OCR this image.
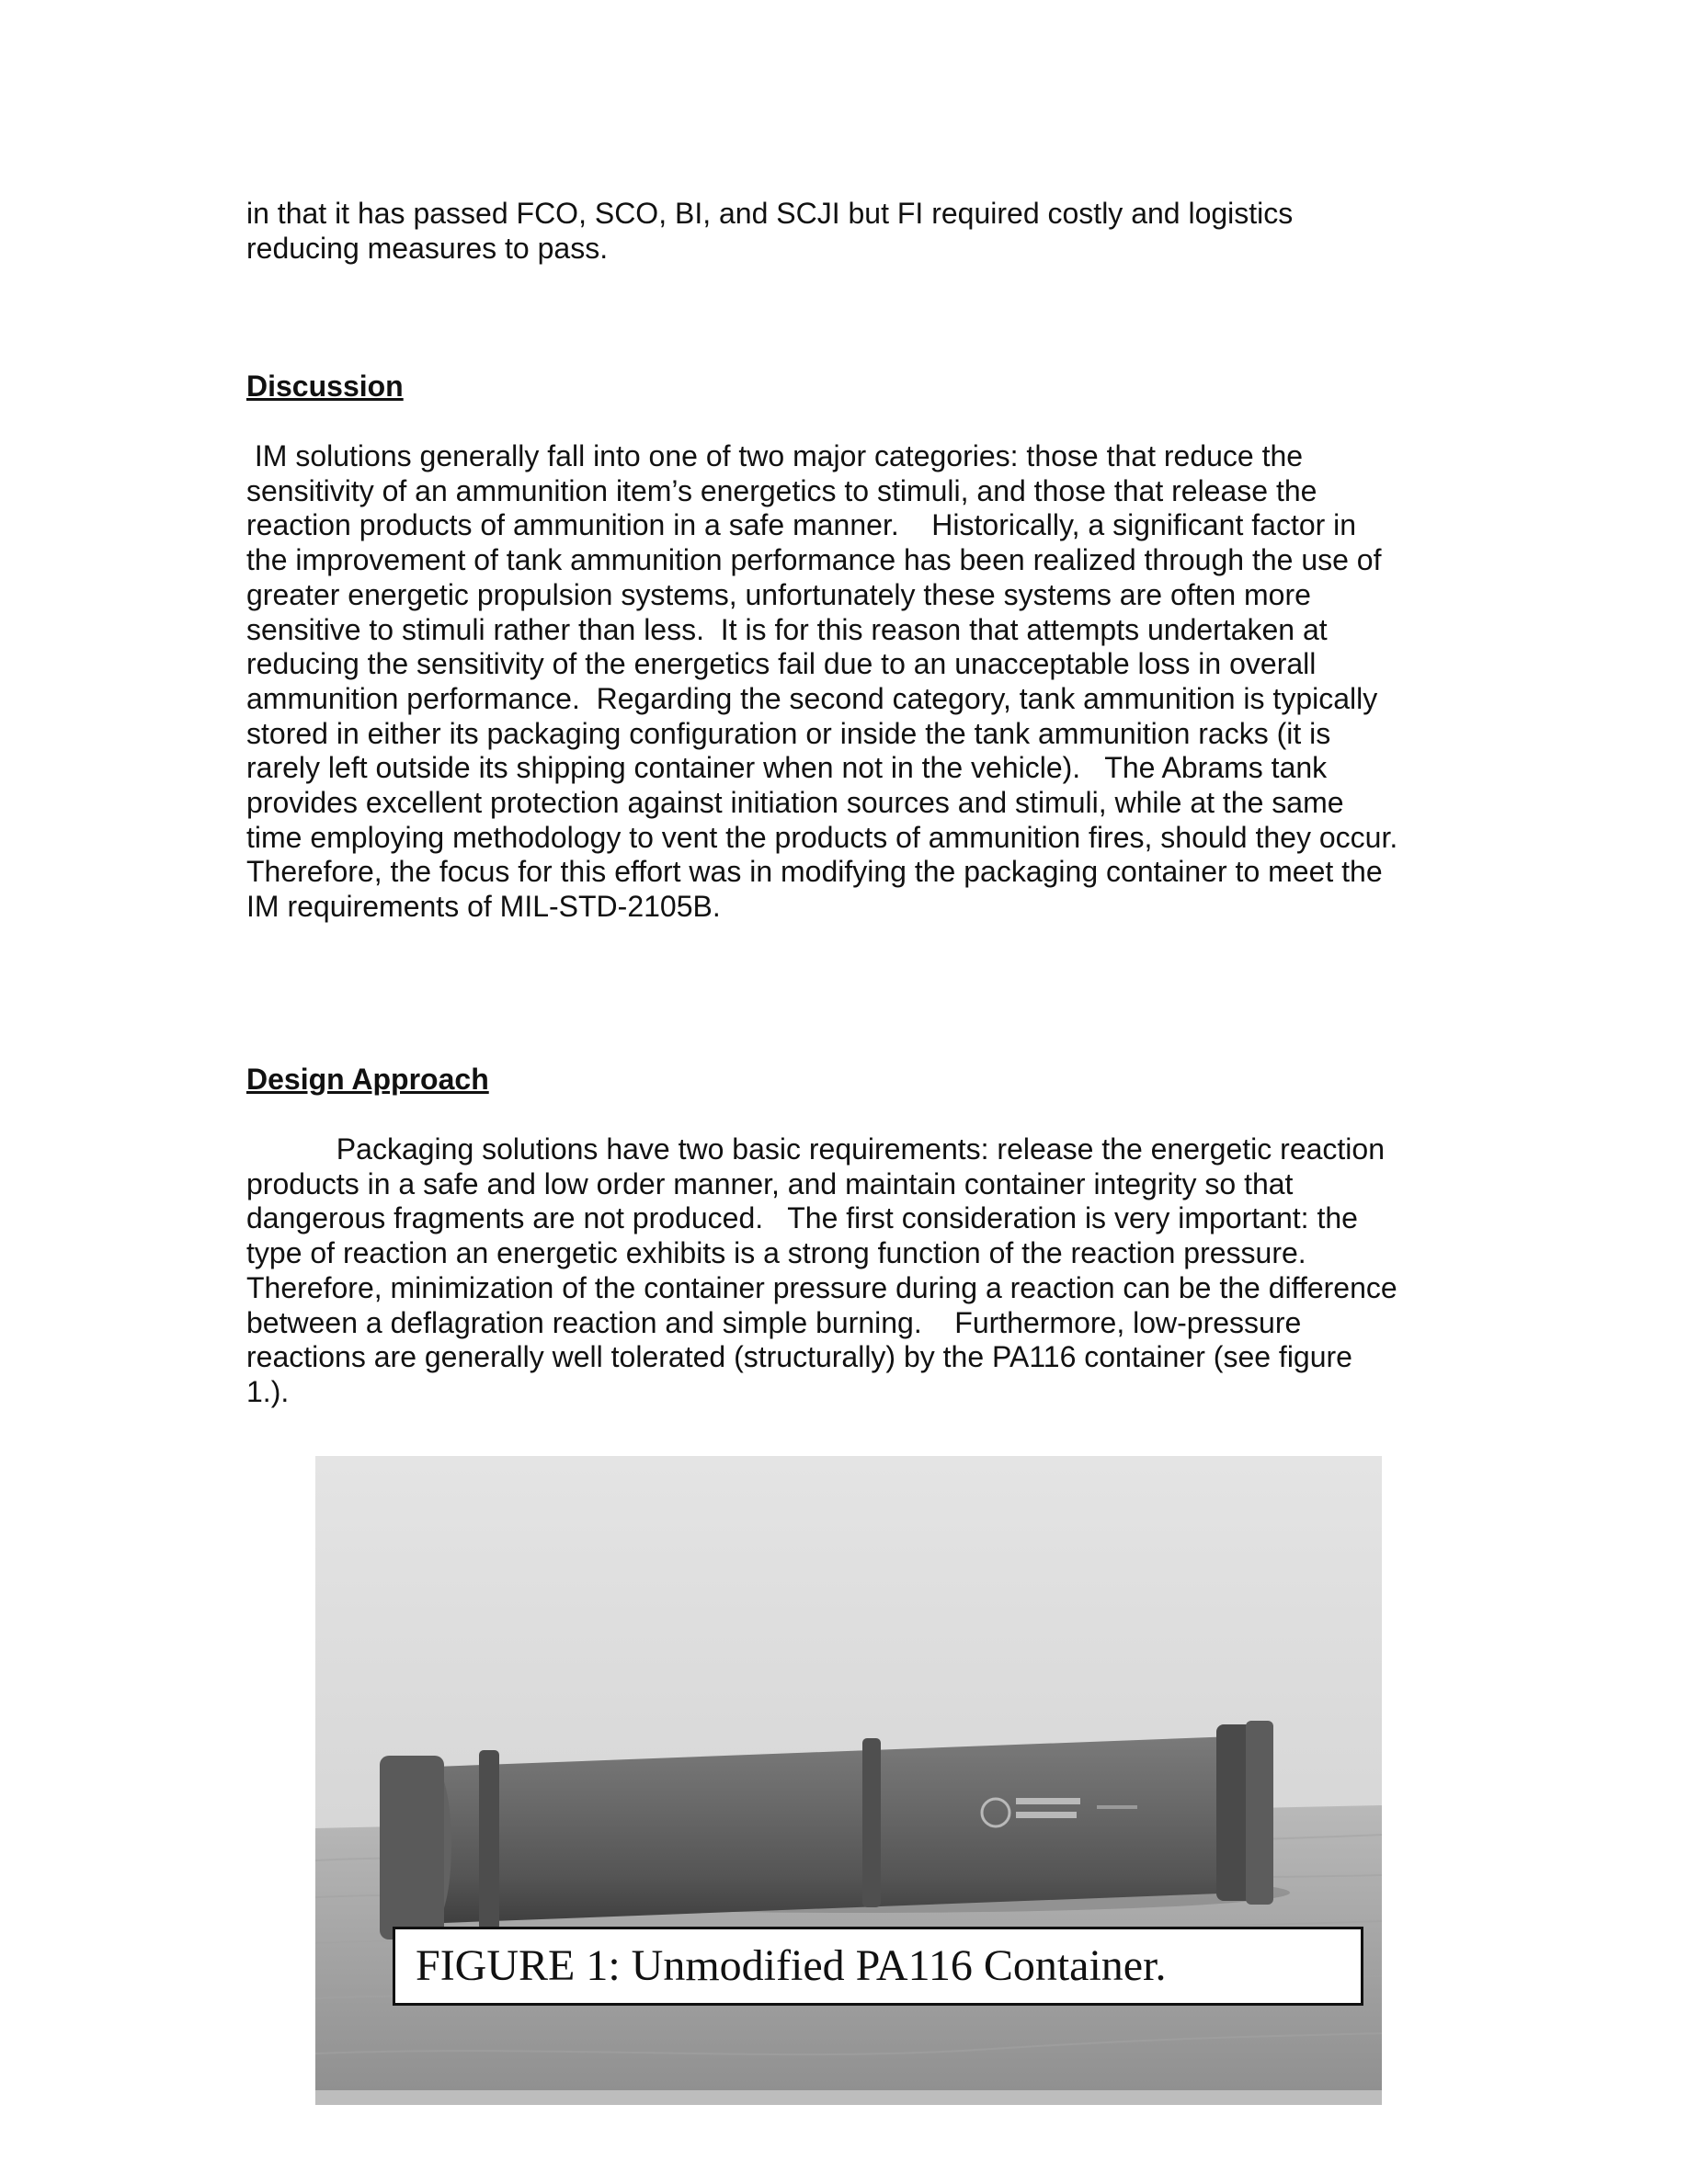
in that it has passed FCO, SCO, BI, and SCJI but FI required costly and logistics

reducing measures to pass.

Discussion

IM solutions generally fall into one of two major categories: those that reduce the

sensitivity of an ammunition item’s energetics to stimuli, and those that release the

reaction products of ammunition in a safe manner.    Historically, a significant factor in

the improvement of tank ammunition performance has been realized through the use of

greater energetic propulsion systems, unfortunately these systems are often more

sensitive to stimuli rather than less.  It is for this reason that attempts undertaken at

reducing the sensitivity of the energetics fail due to an unacceptable loss in overall

ammunition performance.  Regarding the second category, tank ammunition is typically

stored in either its packaging configuration or inside the tank ammunition racks (it is

rarely left outside its shipping container when not in the vehicle).   The Abrams tank

provides excellent protection against initiation sources and stimuli, while at the same

time employing methodology to vent the products of ammunition fires, should they occur.

Therefore, the focus for this effort was in modifying the packaging container to meet the

IM requirements of MIL-STD-2105B.

Design Approach

Packaging solutions have two basic requirements: release the energetic reaction

products in a safe and low order manner, and maintain container integrity so that

dangerous fragments are not produced.   The first consideration is very important: the

type of reaction an energetic exhibits is a strong function of the reaction pressure.

Therefore, minimization of the container pressure during a reaction can be the difference

between a deflagration reaction and simple burning.    Furthermore, low-pressure

reactions are generally well tolerated (structurally) by the PA116 container (see figure

1.).

FIGURE 1: Unmodified PA116 Container.
